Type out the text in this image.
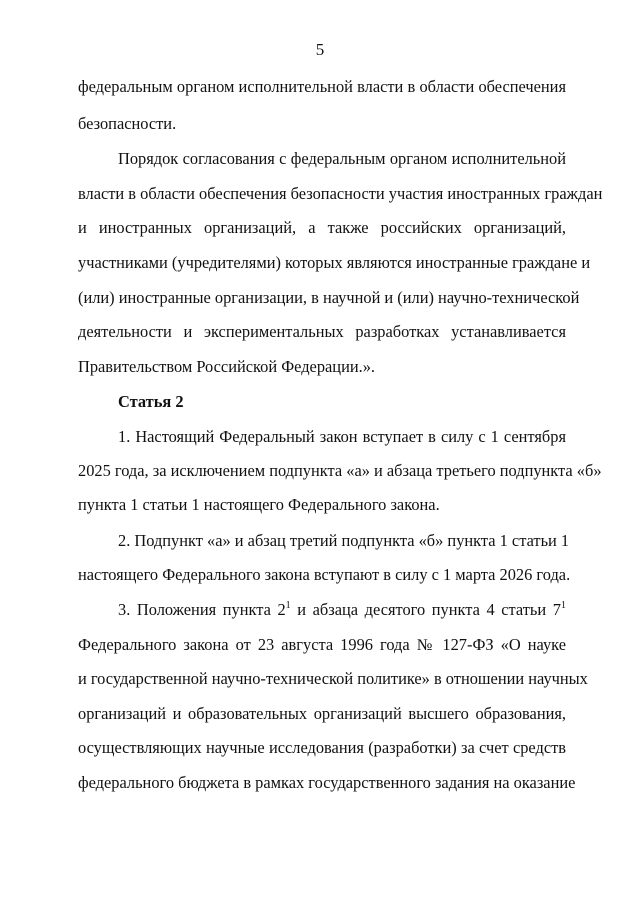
5
федеральным органом исполнительной власти в области обеспечения
безопасности.
Порядок согласования с федеральным органом исполнительной
власти в области обеспечения безопасности участия иностранных граждан
и иностранных организаций, а также российских организаций,
участниками (учредителями) которых являются иностранные граждане и
(или) иностранные организации, в научной и (или) научно-технической
деятельности и экспериментальных разработках устанавливается
Правительством Российской Федерации.».
Статья 2
1. Настоящий Федеральный закон вступает в силу с 1 сентября
2025 года, за исключением подпункта «а» и абзаца третьего подпункта «б»
пункта 1 статьи 1 настоящего Федерального закона.
2. Подпункт «а» и абзац третий подпункта «б» пункта 1 статьи 1
настоящего Федерального закона вступают в силу с 1 марта 2026 года.
3. Положения пункта $2^1$ и абзаца десятого пункта 4 статьи $7^1$
Федерального закона от 23 августа 1996 года № 127-ФЗ «О науке
и государственной научно-технической политике» в отношении научных
организаций и образовательных организаций высшего образования,
осуществляющих научные исследования (разработки) за счет средств
федерального бюджета в рамках государственного задания на оказание
